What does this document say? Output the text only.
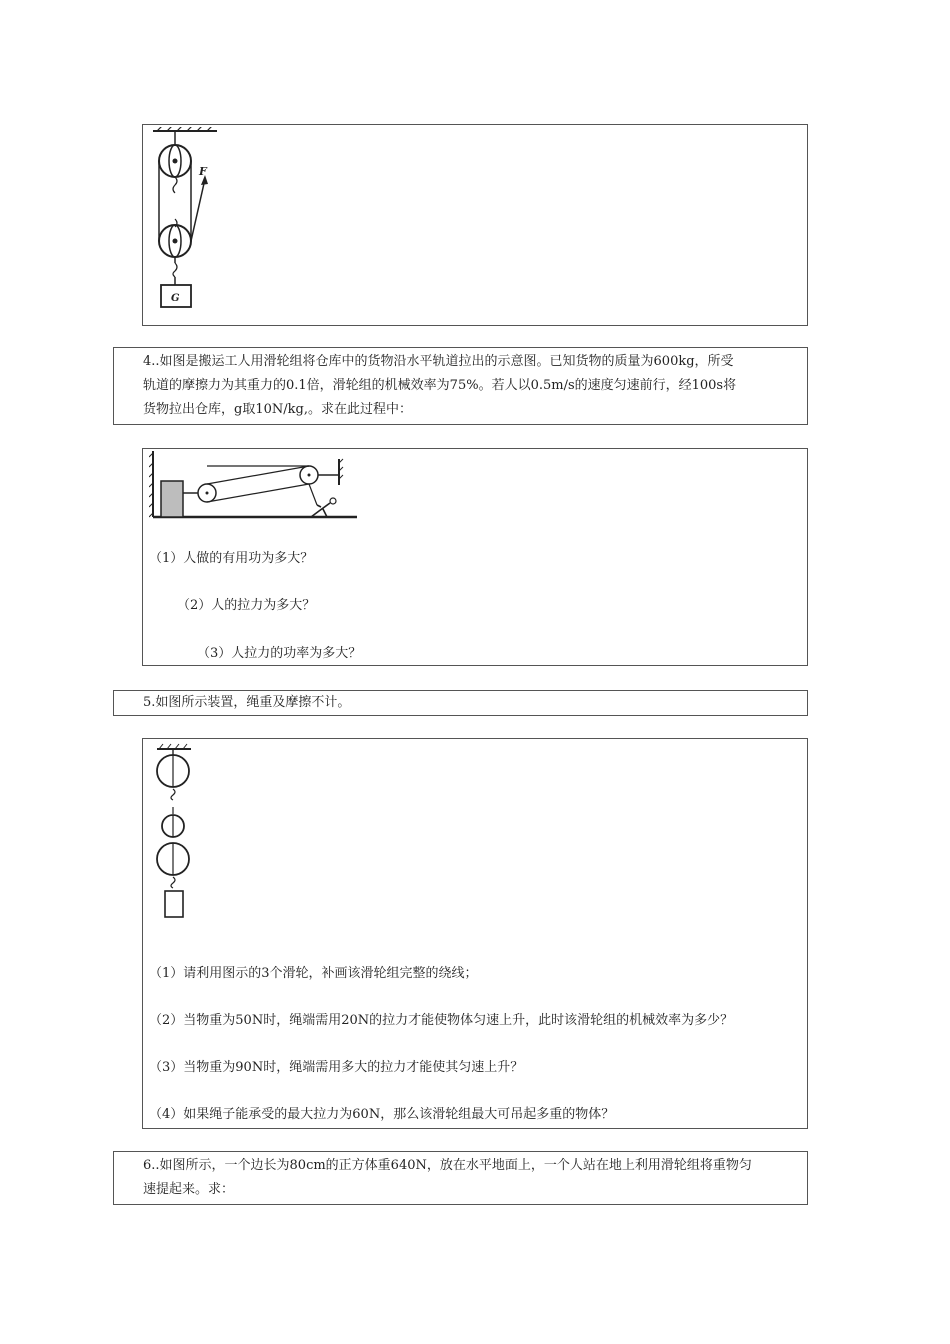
F
G
4..如图是搬运工人用滑轮组将仓库中的货物沿水平轨道拉出的示意图。已知货物的质量为600kg，所受
轨道的摩擦力为其重力的0.1倍，滑轮组的机械效率为75%。若人以0.5m/s的速度匀速前行，经100s将
货物拉出仓库，g取10N/kg,。求在此过程中：
（1）人做的有用功为多大？
（2）人的拉力为多大？
（3）人拉力的功率为多大？
5.如图所示装置，绳重及摩擦不计。
（1）请利用图示的3个滑轮，补画该滑轮组完整的绕线；
（2）当物重为50N时，绳端需用20N的拉力才能使物体匀速上升，此时该滑轮组的机械效率为多少？
（3）当物重为90N时，绳端需用多大的拉力才能使其匀速上升？
（4）如果绳子能承受的最大拉力为60N，那么该滑轮组最大可吊起多重的物体？
6..如图所示，一个边长为80cm的正方体重640N，放在水平地面上，一个人站在地上利用滑轮组将重物匀
速提起来。求：
